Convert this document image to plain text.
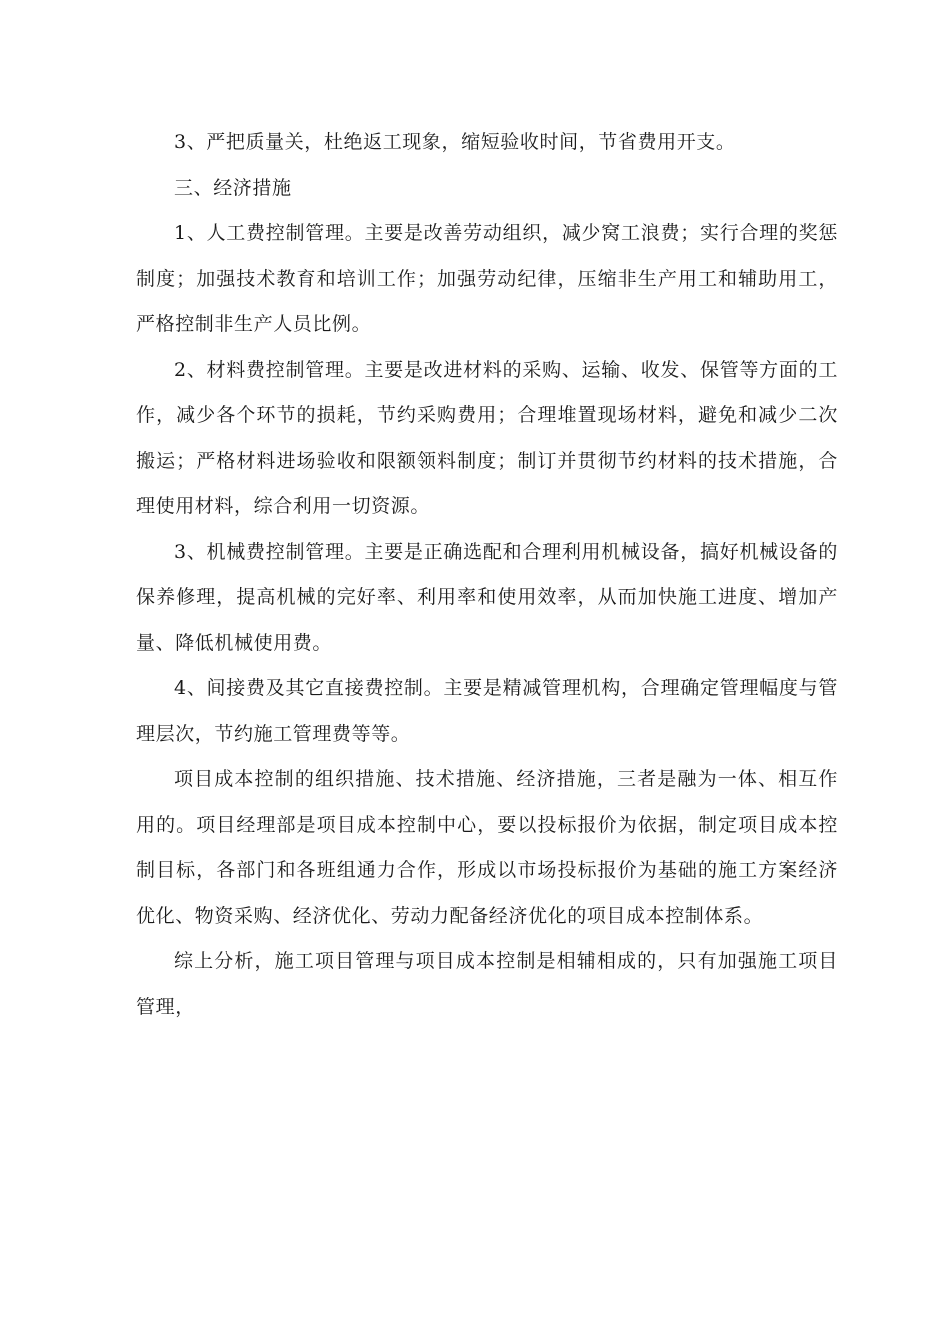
3、严把质量关，杜绝返工现象，缩短验收时间，节省费用开支。

三、经济措施

1、人工费控制管理。主要是改善劳动组织，减少窝工浪费；实行合理的奖惩制度；加强技术教育和培训工作；加强劳动纪律，压缩非生产用工和辅助用工，严格控制非生产人员比例。

2、材料费控制管理。主要是改进材料的采购、运输、收发、保管等方面的工作，减少各个环节的损耗，节约采购费用；合理堆置现场材料，避免和减少二次搬运；严格材料进场验收和限额领料制度；制订并贯彻节约材料的技术措施，合理使用材料，综合利用一切资源。

3、机械费控制管理。主要是正确选配和合理利用机械设备，搞好机械设备的保养修理，提高机械的完好率、利用率和使用效率，从而加快施工进度、增加产量、降低机械使用费。

4、间接费及其它直接费控制。主要是精减管理机构，合理确定管理幅度与管理层次，节约施工管理费等等。

项目成本控制的组织措施、技术措施、经济措施，三者是融为一体、相互作用的。项目经理部是项目成本控制中心，要以投标报价为依据，制定项目成本控制目标，各部门和各班组通力合作，形成以市场投标报价为基础的施工方案经济优化、物资采购、经济优化、劳动力配备经济优化的项目成本控制体系。

综上分析，施工项目管理与项目成本控制是相辅相成的，只有加强施工项目管理，
